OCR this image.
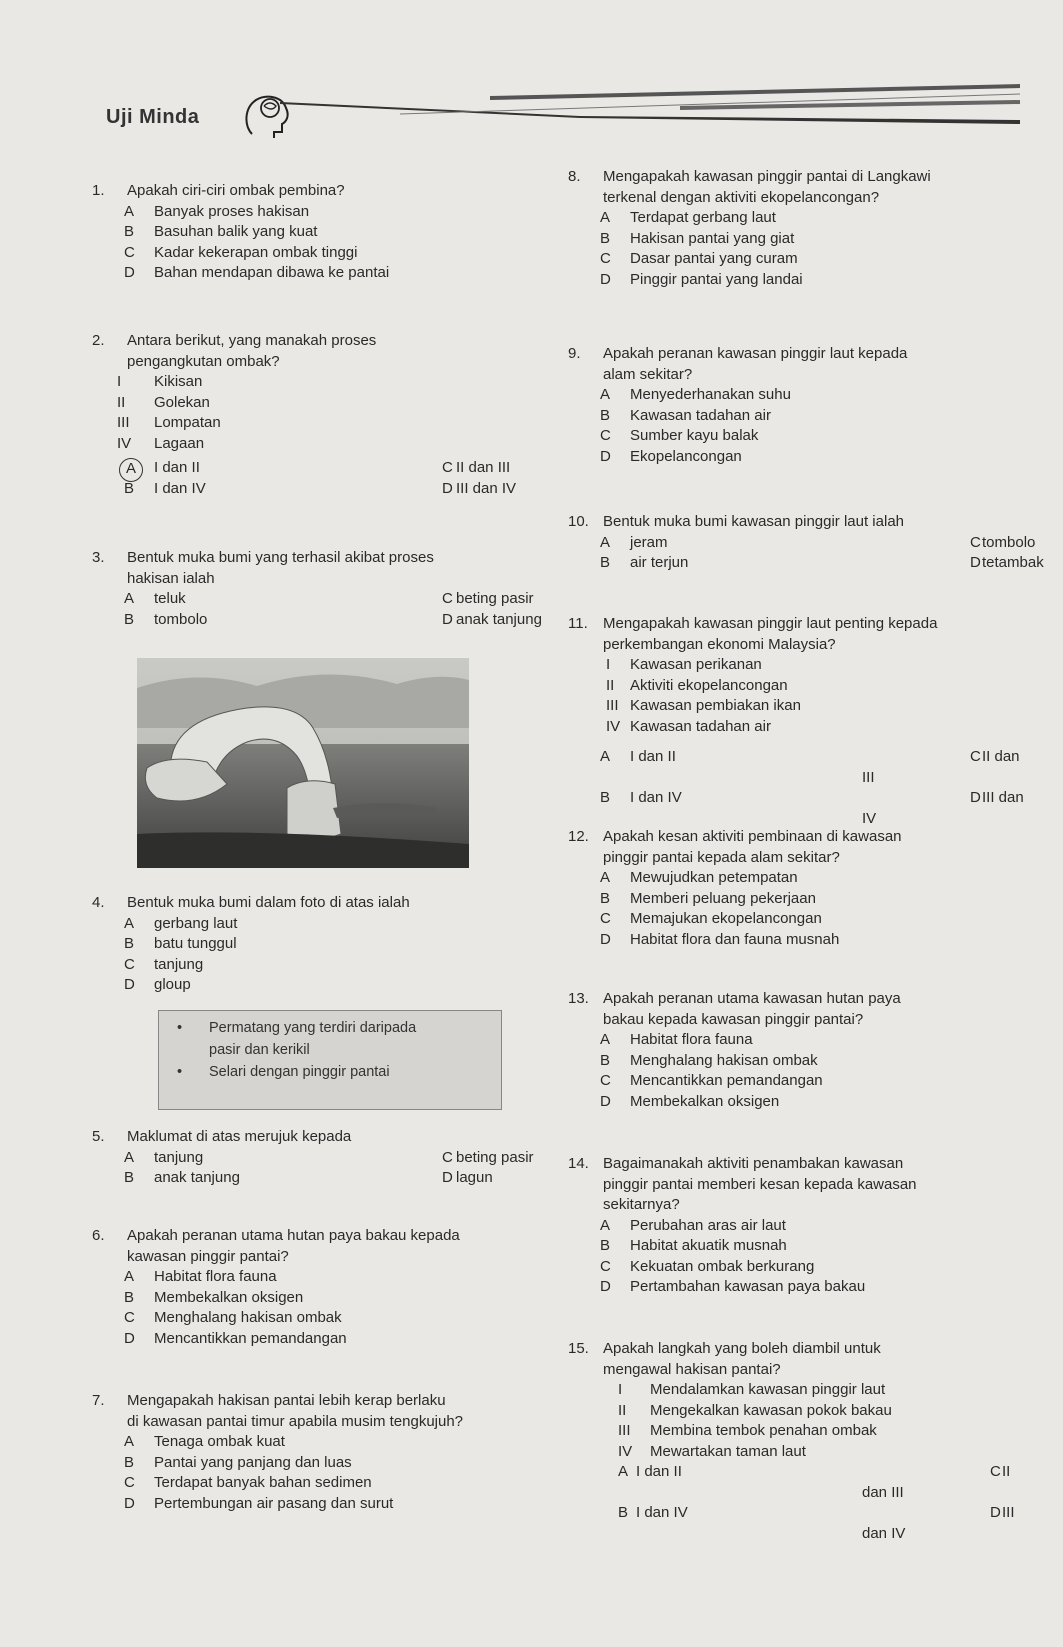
Uji Minda
1. Apakah ciri-ciri ombak pembina?
A Banyak proses hakisan
B Basuhan balik yang kuat
C Kadar kekerapan ombak tinggi
D Bahan mendapan dibawa ke pantai
2. Antara berikut, yang manakah proses
pengangkutan ombak?
I Kikisan
II Golekan
III Lompatan
IV Lagaan
A	I dan II	C II dan III
B I dan IV	D III dan IV
3. Bentuk muka bumi yang terhasil akibat proses
hakisan ialah
A teluk	C beting pasir
B tombolo	D anak tanjung
4. Bentuk muka bumi dalam foto di atas ialah
A gerbang laut
B batu tunggul
C tanjung
D gloup
5. Maklumat di atas merujuk kepada
A tanjung	C beting pasir
B anak tanjung	D lagun
6. Apakah peranan utama hutan paya bakau kepada
kawasan pinggir pantai?
A Habitat flora fauna
B Membekalkan oksigen
C Menghalang hakisan ombak
D Mencantikkan pemandangan
7. Mengapakah hakisan pantai lebih kerap berlaku
di kawasan pantai timur apabila musim tengkujuh?
A Tenaga ombak kuat
B Pantai yang panjang dan luas
C Terdapat banyak bahan sedimen
D Pertembungan air pasang dan surut
• Permatang yang terdiri daripada
pasir dan kerikil
• Selari dengan pinggir pantai
8. Mengapakah kawasan pinggir pantai di Langkawi
terkenal dengan aktiviti ekopelancongan?
A Terdapat gerbang laut
B Hakisan pantai yang giat
C Dasar pantai yang curam
D Pinggir pantai yang landai
9. Apakah peranan kawasan pinggir laut kepada
alam sekitar?
A Menyederhanakan suhu
B Kawasan tadahan air
C Sumber kayu balak
D Ekopelancongan
10. Bentuk muka bumi kawasan pinggir laut ialah
A jeram	C tombolo
B air terjun	D tetambak
11. Mengapakah kawasan pinggir laut penting kepada
perkembangan ekonomi Malaysia?
I Kawasan perikanan
II Aktiviti ekopelancongan
III Kawasan pembiakan ikan
IV Kawasan tadahan air
A I dan II	C II dan III
B I dan IV	D III dan IV
12. Apakah kesan aktiviti pembinaan di kawasan
pinggir pantai kepada alam sekitar?
A Mewujudkan petempatan
B Memberi peluang pekerjaan
C Memajukan ekopelancongan
D Habitat flora dan fauna musnah
13. Apakah peranan utama kawasan hutan paya
bakau kepada kawasan pinggir pantai?
A Habitat flora fauna
B Menghalang hakisan ombak
C Mencantikkan pemandangan
D Membekalkan oksigen
14. Bagaimanakah aktiviti penambakan kawasan
pinggir pantai memberi kesan kepada kawasan
sekitarnya?
A Perubahan aras air laut
B Habitat akuatik musnah
C Kekuatan ombak berkurang
D Pertambahan kawasan paya bakau
15. Apakah langkah yang boleh diambil untuk
mengawal hakisan pantai?
I Mendalamkan kawasan pinggir laut
II Mengekalkan kawasan pokok bakau
III Membina tembok penahan ombak
IV Mewartakan taman laut
A I dan II	C II dan III
B I dan IV	D III dan IV
